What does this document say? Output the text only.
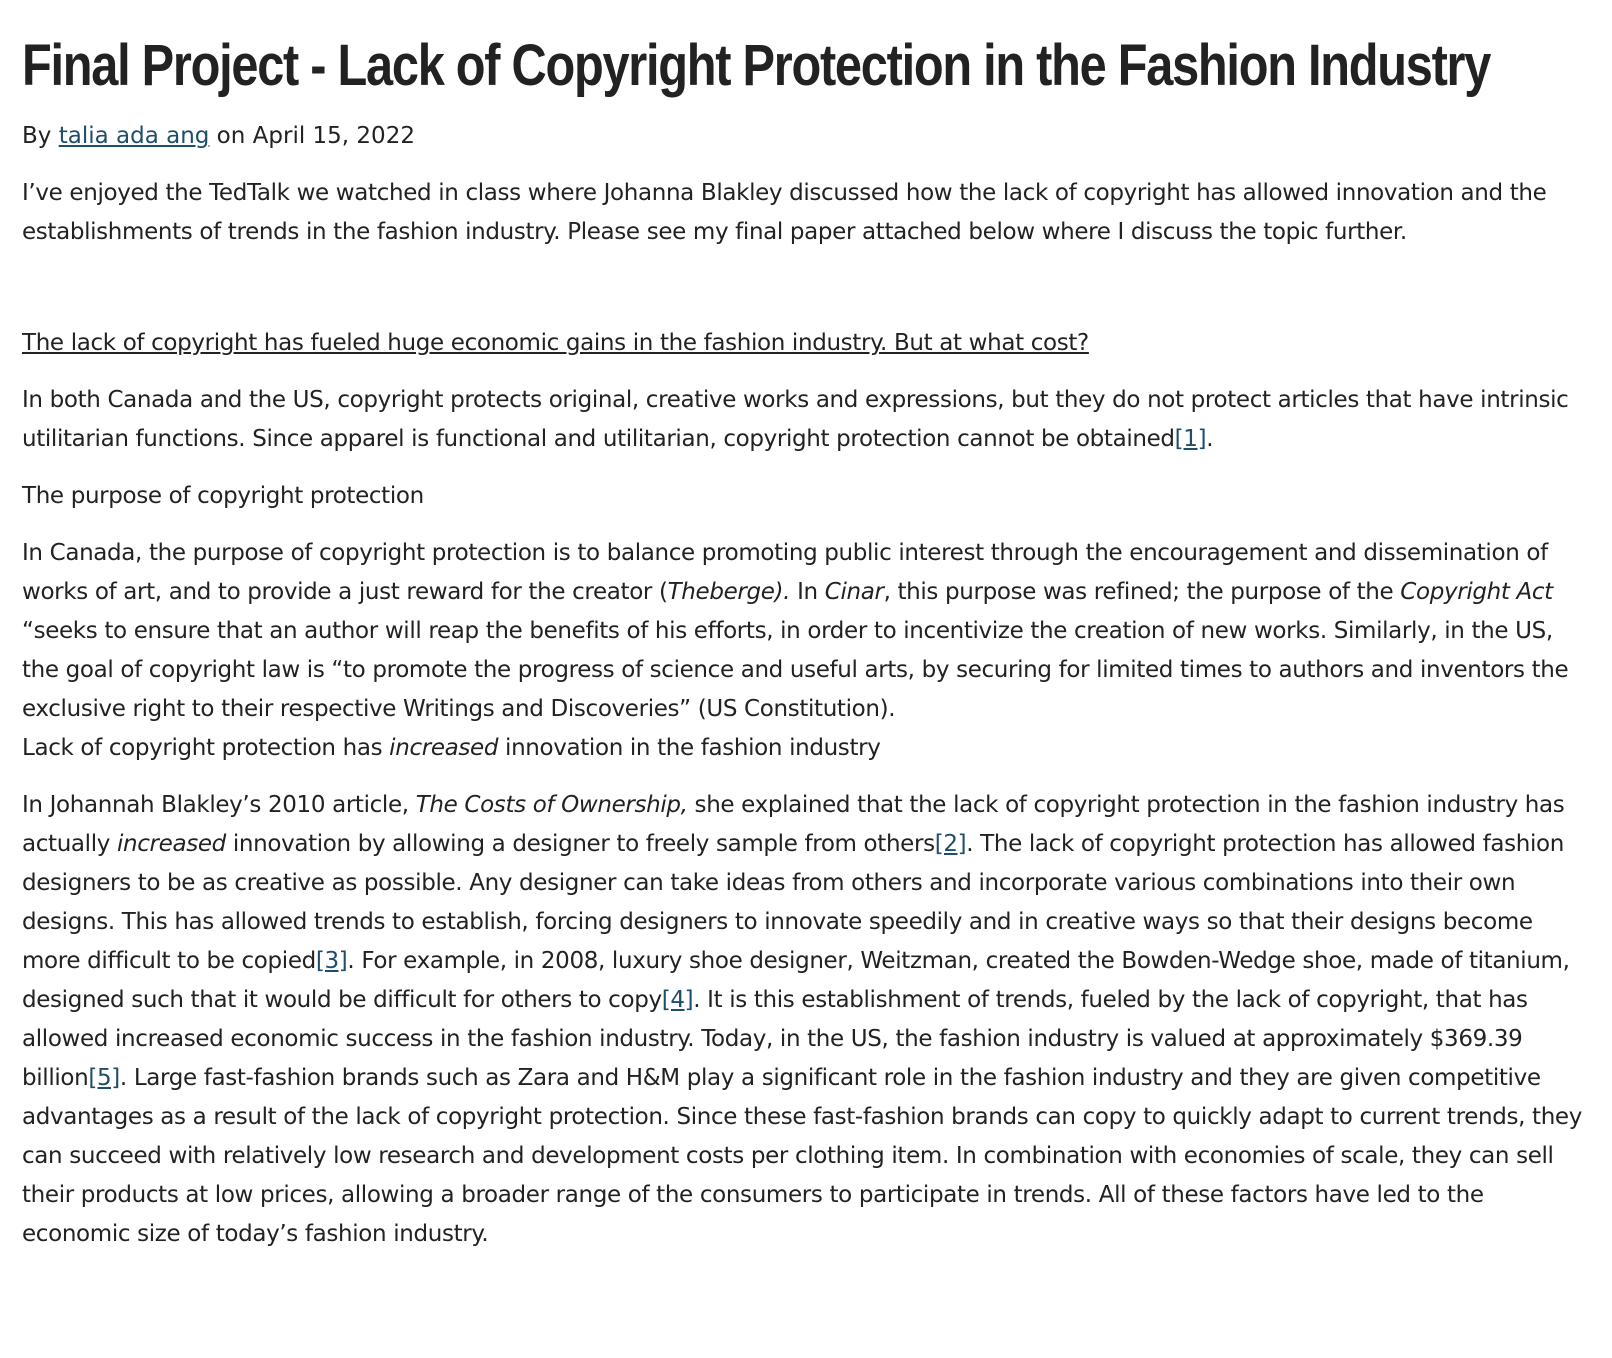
Final Project - Lack of Copyright Protection in the Fashion Industry
By talia ada ang on April 15, 2022

I’ve enjoyed the TedTalk we watched in class where Johanna Blakley discussed how the lack of copyright has allowed innovation and the establishments of trends in the fashion industry. Please see my final paper attached below where I discuss the topic further.

The lack of copyright has fueled huge economic gains in the fashion industry. But at what cost?

In both Canada and the US, copyright protects original, creative works and expressions, but they do not protect articles that have intrinsic utilitarian functions. Since apparel is functional and utilitarian, copyright protection cannot be obtained[1].

The purpose of copyright protection

In Canada, the purpose of copyright protection is to balance promoting public interest through the encouragement and dissemination of works of art, and to provide a just reward for the creator (Theberge). In Cinar, this purpose was refined; the purpose of the Copyright Act “seeks to ensure that an author will reap the benefits of his efforts, in order to incentivize the creation of new works. Similarly, in the US, the goal of copyright law is “to promote the progress of science and useful arts, by securing for limited times to authors and inventors the exclusive right to their respective Writings and Discoveries” (US Constitution).

Lack of copyright protection has increased innovation in the fashion industry

In Johannah Blakley’s 2010 article, The Costs of Ownership, she explained that the lack of copyright protection in the fashion industry has actually increased innovation by allowing a designer to freely sample from others[2]. The lack of copyright protection has allowed fashion designers to be as creative as possible. Any designer can take ideas from others and incorporate various combinations into their own designs. This has allowed trends to establish, forcing designers to innovate speedily and in creative ways so that their designs become more difficult to be copied[3]. For example, in 2008, luxury shoe designer, Weitzman, created the Bowden-Wedge shoe, made of titanium, designed such that it would be difficult for others to copy[4]. It is this establishment of trends, fueled by the lack of copyright, that has allowed increased economic success in the fashion industry. Today, in the US, the fashion industry is valued at approximately $369.39 billion[5]. Large fast-fashion brands such as Zara and H&M play a significant role in the fashion industry and they are given competitive advantages as a result of the lack of copyright protection. Since these fast-fashion brands can copy to quickly adapt to current trends, they can succeed with relatively low research and development costs per clothing item. In combination with economies of scale, they can sell their products at low prices, allowing a broader range of the consumers to participate in trends. All of these factors have led to the economic size of today’s fashion industry.
